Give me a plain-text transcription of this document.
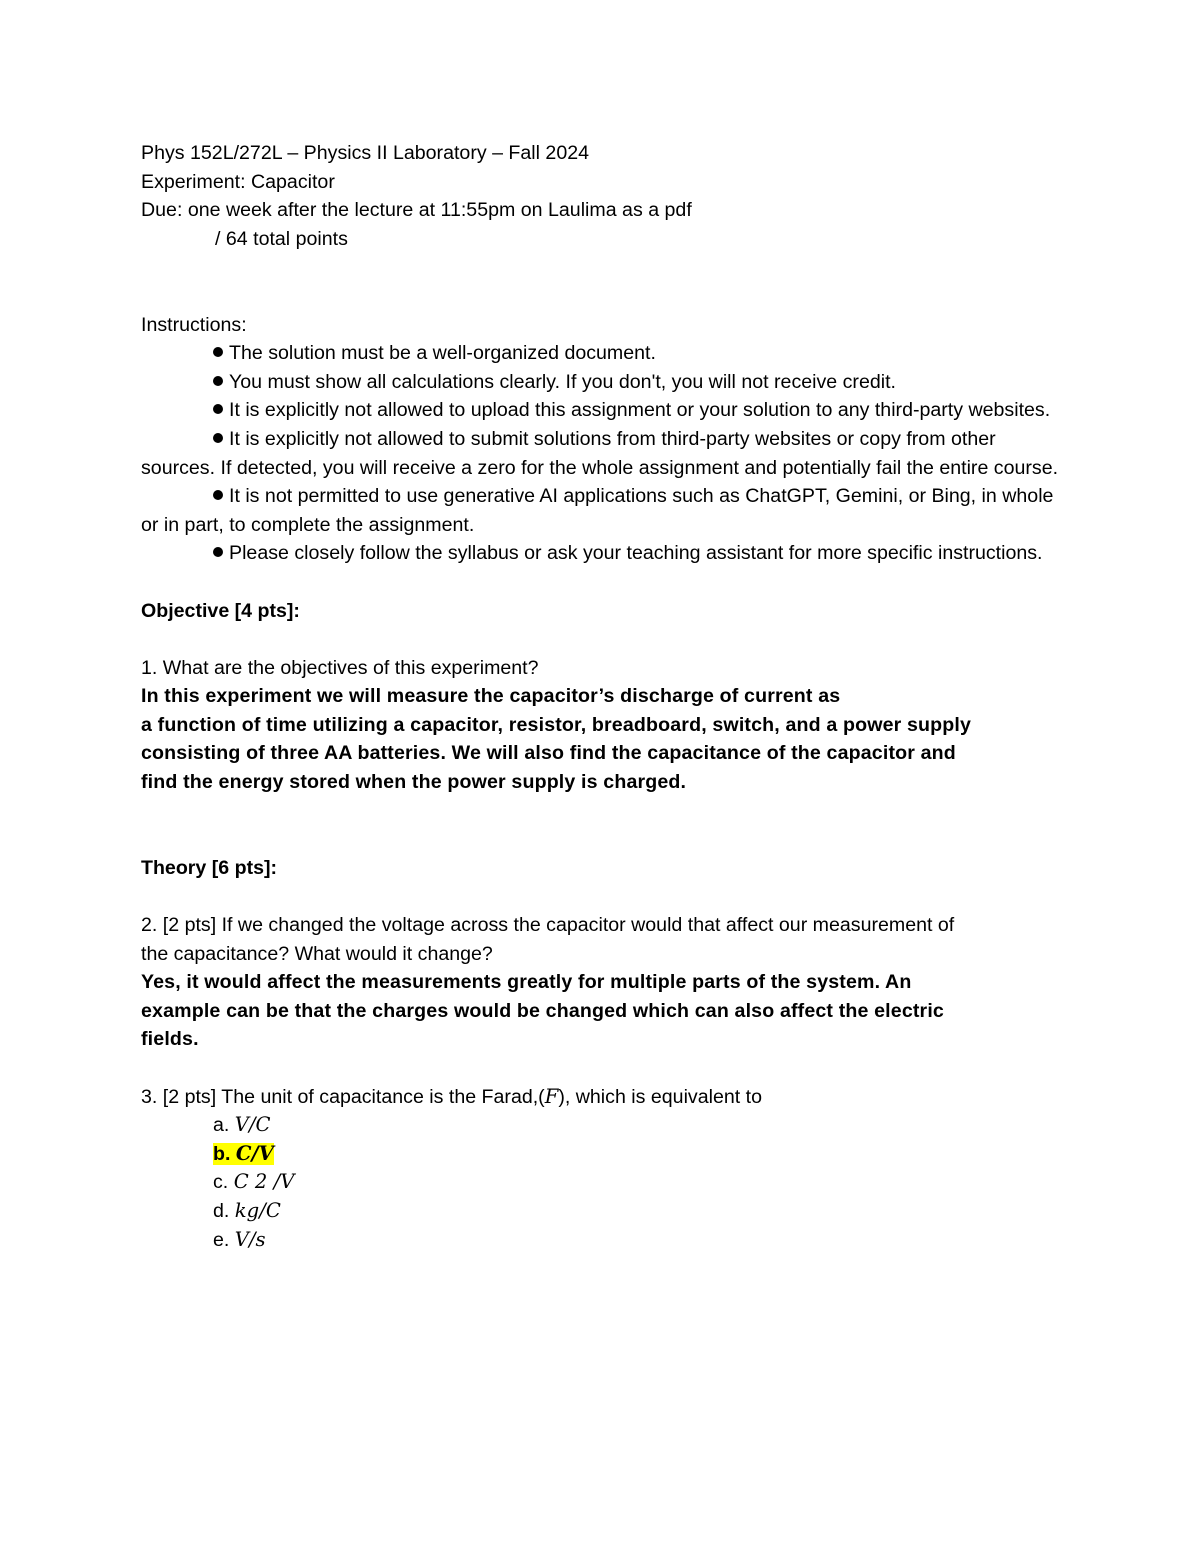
Phys 152L/272L – Physics II Laboratory – Fall 2024

Experiment: Capacitor

Due: one week after the lecture at 11:55pm on Laulima as a pdf

/ 64 total points

Instructions:

The solution must be a well-organized document.

You must show all calculations clearly. If you don't, you will not receive credit.

It is explicitly not allowed to upload this assignment or your solution to any third-party websites.

It is explicitly not allowed to submit solutions from third-party websites or copy from other sources. If detected, you will receive a zero for the whole assignment and potentially fail the entire course.

It is not permitted to use generative AI applications such as ChatGPT, Gemini, or Bing, in whole or in part, to complete the assignment.

Please closely follow the syllabus or ask your teaching assistant for more specific instructions.

Objective [4 pts]:

1. What are the objectives of this experiment?

In this experiment we will measure the capacitor’s discharge of current as

a function of time utilizing a capacitor, resistor, breadboard, switch, and a power supply

consisting of three AA batteries. We will also find the capacitance of the capacitor and

find the energy stored when the power supply is charged.

Theory [6 pts]:

2. [2 pts] If we changed the voltage across the capacitor would that affect our measurement of

the capacitance? What would it change?

Yes, it would affect the measurements greatly for multiple parts of the system. An

example can be that the charges would be changed which can also affect the electric

fields.

3. [2 pts] The unit of capacitance is the Farad,(F), which is equivalent to

a. V/C

b. C/V

c. C 2 /V

d. kg/C

e. V/s
